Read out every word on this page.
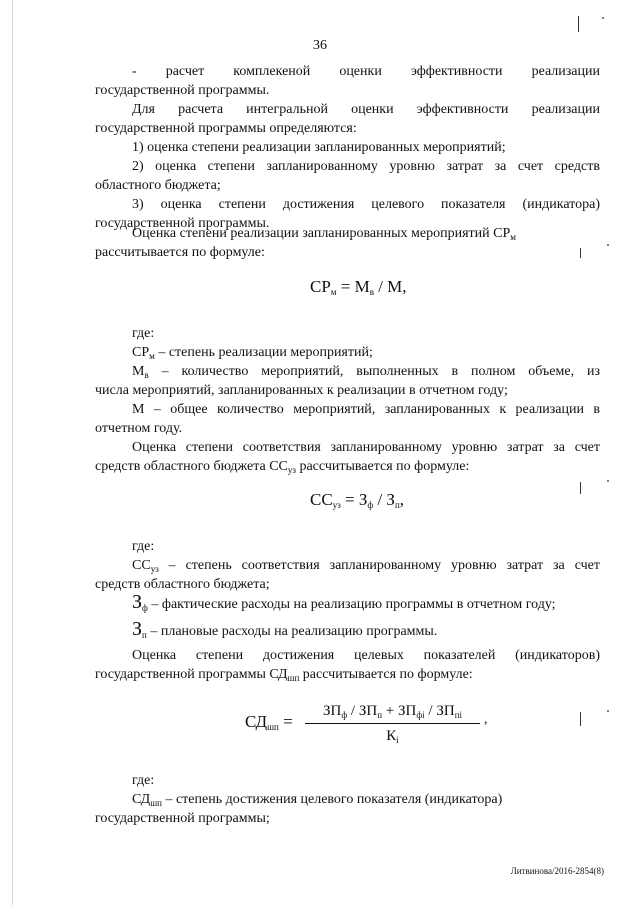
36
- расчет комплекеной оценки эффективности реализации
государственной программы.
Для расчета интегральной оценки эффективности реализации
государственной программы определяются:
1) оценка степени реализации запланированных мероприятий;
2) оценка степени запланированному уровню затрат за счет средств
областного бюджета;
3) оценка степени достижения целевого показателя (индикатора)
государственной программы.
Оценка степени реализации запланированных мероприятий $СР_м$
рассчитывается по формуле:
$СР_м = М_в / М$,
где:
$СР_м$ – степень реализации мероприятий;
$М_в$ – количество мероприятий, выполненных в полном объеме, из
числа мероприятий, запланированных к реализации в отчетном году;
М – общее количество мероприятий, запланированных к реализации в
отчетном году.
Оценка степени соответствия запланированному уровню затрат за счет
средств областного бюджета $СС_{уз}$ рассчитывается по формуле:
$СС_{уз} = З_ф / З_п$,
где:
$СС_{уз}$ – степень соответствия запланированному уровню затрат за счет
средств областного бюджета;
$З_ф$ – фактические расходы на реализацию программы в отчетном году;
$З_п$ – плановые расходы на реализацию программы.
Оценка степени достижения целевых показателей (индикаторов)
государственной программы $СД_{шп}$ рассчитывается по формуле:
$СД_{шп}$ =
$ЗП_ф / ЗП_п + ЗП_{фi} / ЗП_{пi}$
$К_i$
,
где:
$СД_{шп}$ – степень достижения целевого показателя (индикатора)
государственной программы;
Литвинова/2016-2854(8)
